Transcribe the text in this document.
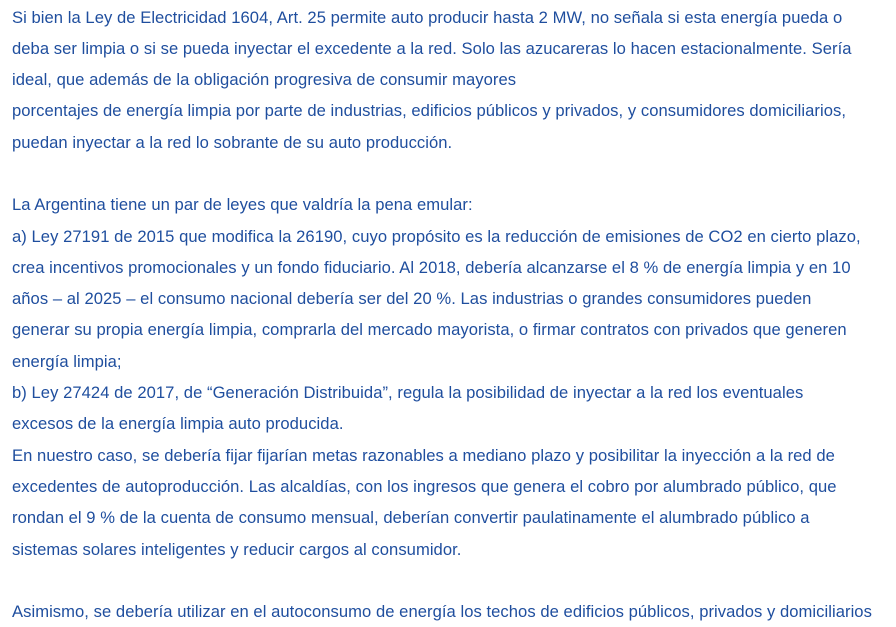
Si bien la Ley de Electricidad 1604, Art. 25 permite auto producir hasta 2 MW, no señala si esta energía pueda o

deba ser limpia o si se pueda inyectar el excedente a la red. Solo las azucareras lo hacen estacionalmente. Sería

ideal, que además de la obligación progresiva de consumir mayores

porcentajes de energía limpia por parte de industrias, edificios públicos y privados, y consumidores domiciliarios,

puedan inyectar a la red lo sobrante de su auto producción.

La Argentina tiene un par de leyes que valdría la pena emular:

a) Ley 27191 de 2015 que modifica la 26190, cuyo propósito es la reducción de emisiones de CO2 en cierto plazo,

crea incentivos promocionales y un fondo fiduciario. Al 2018, debería alcanzarse el 8 % de energía limpia y en 10

años – al 2025 – el consumo nacional debería ser del 20 %. Las industrias o grandes consumidores pueden

generar su propia energía limpia, comprarla del mercado mayorista, o firmar contratos con privados que generen

energía limpia;

b) Ley 27424 de 2017, de “Generación Distribuida”, regula la posibilidad de inyectar a la red los eventuales

excesos de la energía limpia auto producida.

En nuestro caso, se debería fijar fijarían metas razonables a mediano plazo y posibilitar la inyección a la red de

excedentes de autoproducción. Las alcaldías, con los ingresos que genera el cobro por alumbrado público, que

rondan el 9 % de la cuenta de consumo mensual, deberían convertir paulatinamente el alumbrado público a

sistemas solares inteligentes y reducir cargos al consumidor.

Asimismo, se debería utilizar en el autoconsumo de energía los techos de edificios públicos, privados y domiciliarios
